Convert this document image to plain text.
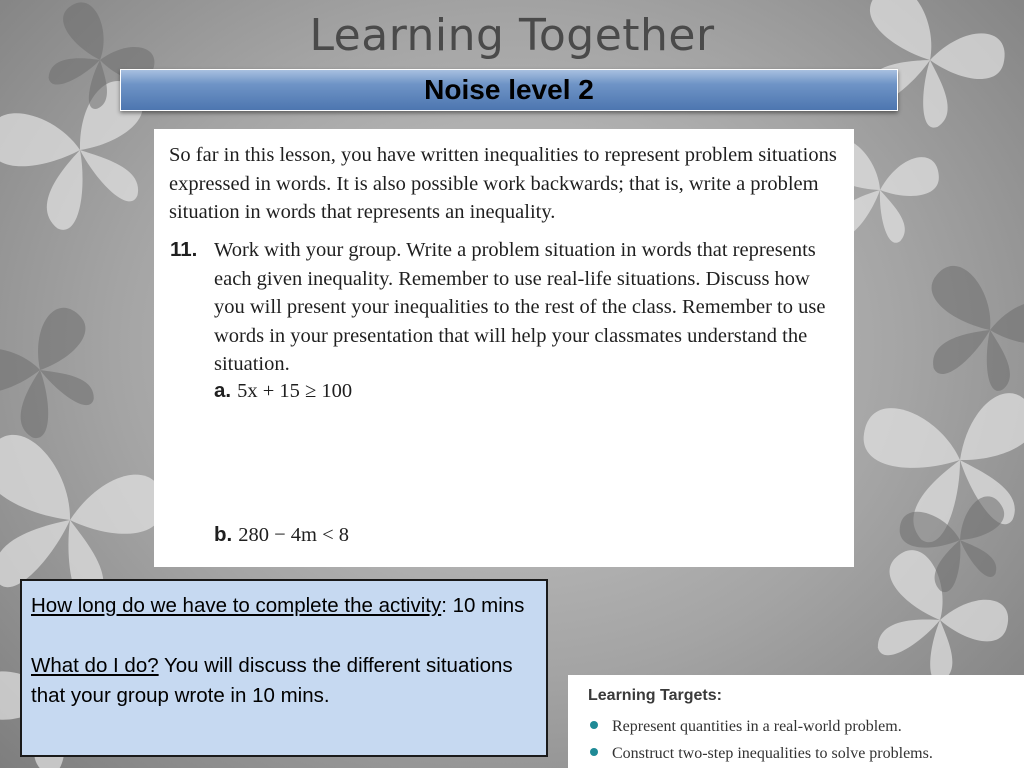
Learning Together
Noise level 2
So far in this lesson, you have written inequalities to represent problem situations expressed in words. It is also possible work backwards; that is, write a problem situation in words that represents an inequality.
11. Work with your group. Write a problem situation in words that represents each given inequality. Remember to use real-life situations. Discuss how you will present your inequalities to the rest of the class. Remember to use words in your presentation that will help your classmates understand the situation.
a. 5x + 15 ≥ 100
b. 280 − 4m < 8

How long do we have to complete the activity: 10 mins

What do I do? You will discuss the different situations that your group wrote in 10 mins.	Learning Targets:
Represent quantities in a real-world problem.
Construct two-step inequalities to solve problems.
